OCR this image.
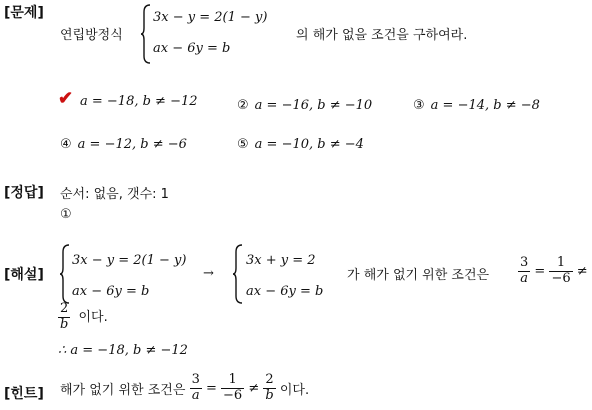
[문제]
연립방정식
3x − y = 2(1 − y)
ax − 6y = b
의 해가 없을 조건을 구하여라.
✔ a = −18, b ≠ −12	② a = −16, b ≠ −10	③ a = −14, b ≠ −8
④ a = −12, b ≠ −6	⑤ a = −10, b ≠ −4
[정답] 순서: 없음, 갯수: 1
①
[해설]
3x − y = 2(1 − y)
ax − 6y = b
→
3x + y = 2
ax − 6y = b
가 해가 없기 위한 조건은 $\frac{3}{a} = \frac{1}{-6}$ ≠
$\frac{2}{b}$ 이다.
∴ a = −18, b ≠ −12
[힌트] 해가 없기 위한 조건은 $\frac{3}{a} = \frac{1}{-6} \ne \frac{2}{b}$ 이다.
